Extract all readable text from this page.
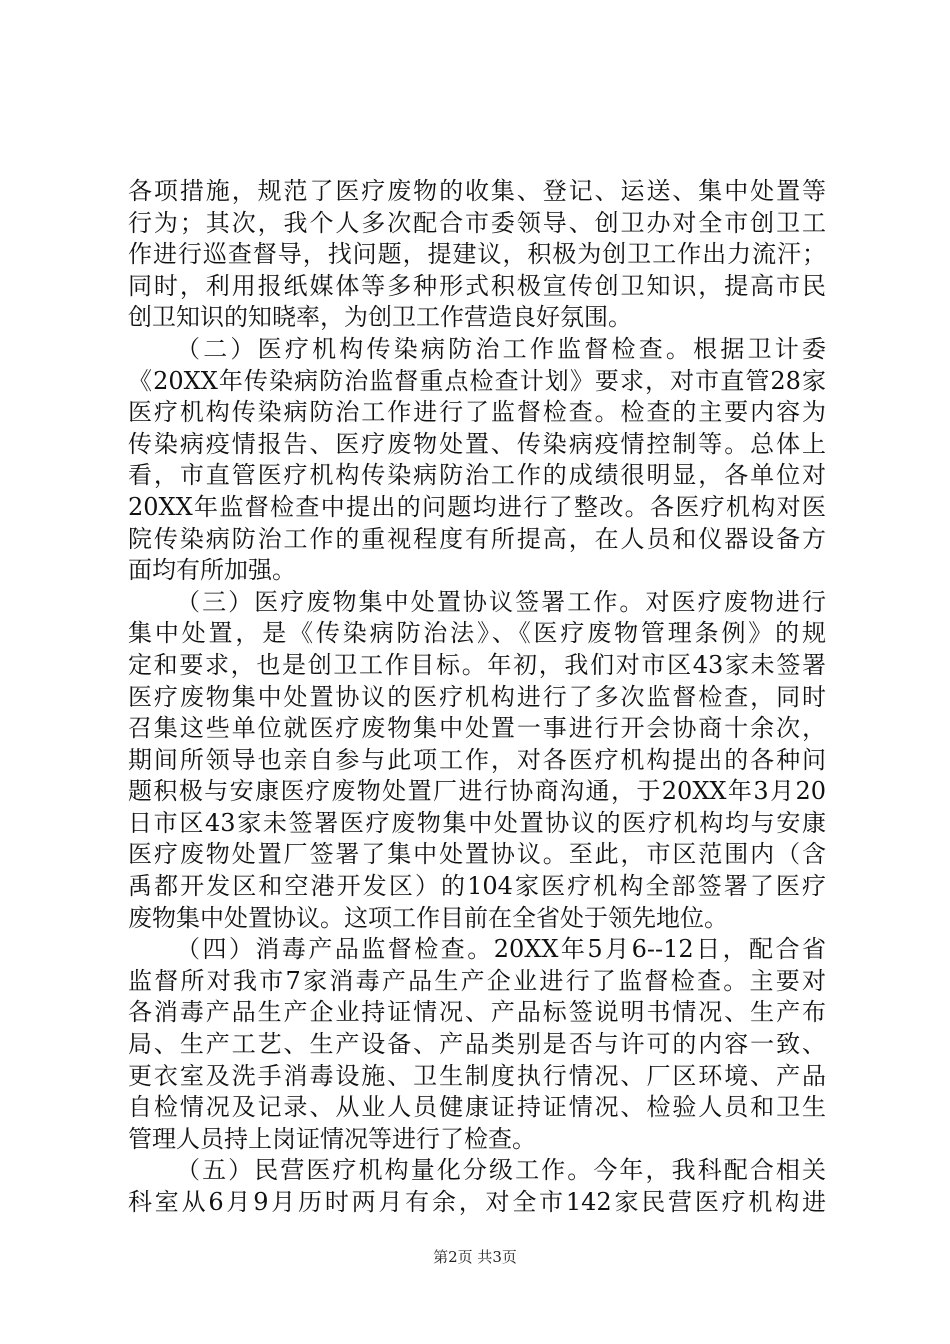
各项措施，规范了医疗废物的收集、登记、运送、集中处置等
行为；其次，我个人多次配合市委领导、创卫办对全市创卫工
作进行巡查督导，找问题，提建议，积极为创卫工作出力流汗；
同时，利用报纸媒体等多种形式积极宣传创卫知识，提高市民
创卫知识的知晓率，为创卫工作营造良好氛围。
（二）医疗机构传染病防治工作监督检查。根据卫计委
《20XX年传染病防治监督重点检查计划》要求，对市直管28家
医疗机构传染病防治工作进行了监督检查。检查的主要内容为
传染病疫情报告、医疗废物处置、传染病疫情控制等。总体上
看，市直管医疗机构传染病防治工作的成绩很明显，各单位对
20XX年监督检查中提出的问题均进行了整改。各医疗机构对医
院传染病防治工作的重视程度有所提高，在人员和仪器设备方
面均有所加强。
（三）医疗废物集中处置协议签署工作。对医疗废物进行
集中处置，是《传染病防治法》、《医疗废物管理条例》的规
定和要求，也是创卫工作目标。年初，我们对市区43家未签署
医疗废物集中处置协议的医疗机构进行了多次监督检查，同时
召集这些单位就医疗废物集中处置一事进行开会协商十余次，
期间所领导也亲自参与此项工作，对各医疗机构提出的各种问
题积极与安康医疗废物处置厂进行协商沟通，于20XX年3月20
日市区43家未签署医疗废物集中处置协议的医疗机构均与安康
医疗废物处置厂签署了集中处置协议。至此，市区范围内（含
禹都开发区和空港开发区）的104家医疗机构全部签署了医疗
废物集中处置协议。这项工作目前在全省处于领先地位。
（四）消毒产品监督检查。20XX年5月6--12日，配合省
监督所对我市7家消毒产品生产企业进行了监督检查。主要对
各消毒产品生产企业持证情况、产品标签说明书情况、生产布
局、生产工艺、生产设备、产品类别是否与许可的内容一致、
更衣室及洗手消毒设施、卫生制度执行情况、厂区环境、产品
自检情况及记录、从业人员健康证持证情况、检验人员和卫生
管理人员持上岗证情况等进行了检查。
（五）民营医疗机构量化分级工作。今年，我科配合相关
科室从6月9月历时两月有余，对全市142家民营医疗机构进
第2页 共3页
